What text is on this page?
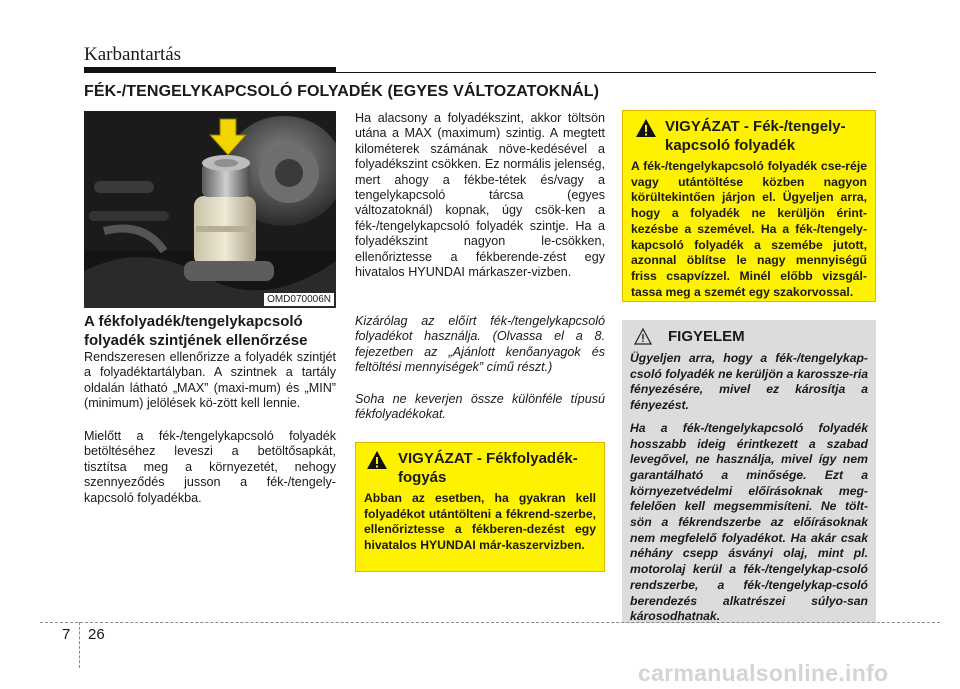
Karbantartás
FÉK-/TENGELYKAPCSOLÓ FOLYADÉK (EGYES VÁLTOZATOKNÁL)
OMD070006N
A fékfolyadék/tengelykapcsoló folyadék szintjének ellenőrzése

Rendszeresen ellenőrizze a folyadék szintjét a folyadéktartályban. A szintnek a tartály oldalán látható „MAX” (maxi-mum) és „MIN” (minimum) jelölések kö-zött kell lennie.

Mielőtt a fék-/tengelykapcsoló folyadék betöltéséhez leveszi a betöltősapkát, tisztítsa meg a környezetét, nehogy szennyeződés jusson a fék-/tengely-kapcsoló folyadékba.

Ha alacsony a folyadékszint, akkor töltsön utána a MAX (maximum) szintig. A megtett kilométerek számának növe-kedésével a folyadékszint csökken. Ez normális jelenség, mert ahogy a fékbe-tétek és/vagy a tengelykapcsoló tárcsa (egyes változatoknál) kopnak, úgy csök-ken a fék-/tengelykapcsoló folyadék szintje. Ha a folyadékszint nagyon le-csökken, ellenőriztesse a fékberende-zést egy hivatalos HYUNDAI márkaszer-vizben.

Kizárólag az előírt fék-/tengelykapcsoló folyadékot használja. (Olvassa el a 8. fejezetben az „Ajánlott kenőanyagok és feltöltési mennyiségek” című részt.)

Soha ne keverjen össze különféle típusú fékfolyadékokat.

VIGYÁZAT - Fékfolyadék-fogyás

Abban az esetben, ha gyakran kell folyadékot utántölteni a fékrend-szerbe, ellenőriztesse a fékberen-dezést egy hivatalos HYUNDAI már-kaszervizben.

VIGYÁZAT - Fék-/tengely-kapcsoló folyadék

A fék-/tengelykapcsoló folyadék cse-réje vagy utántöltése közben nagyon körültekintően járjon el. Ügyeljen arra, hogy a folyadék ne kerüljön érint-kezésbe a szemével. Ha a fék-/tengely-kapcsoló folyadék a szemébe jutott, azonnal öblítse le nagy mennyiségű friss csapvízzel. Minél előbb vizsgál-tassa meg a szemét egy szakorvossal.

FIGYELEM

Ügyeljen arra, hogy a fék-/tengelykap-csoló folyadék ne kerüljön a karossze-ria fényezésére, mivel ez károsítja a fényezést.

Ha a fék-/tengelykapcsoló folyadék hosszabb ideig érintkezett a szabad levegővel, ne használja, mivel így nem garantálható a minősége. Ezt a környezetvédelmi előírásoknak meg-felelően kell megsemmisíteni. Ne tölt-sön a fékrendszerbe az előírásoknak nem megfelelő folyadékot. Ha akár csak néhány csepp ásványi olaj, mint pl. motorolaj kerül a fék-/tengelykap-csoló rendszerbe, a fék-/tengelykap-csoló berendezés alkatrészei súlyo-san károsodhatnak.

7 26
carmanualsonline.info
